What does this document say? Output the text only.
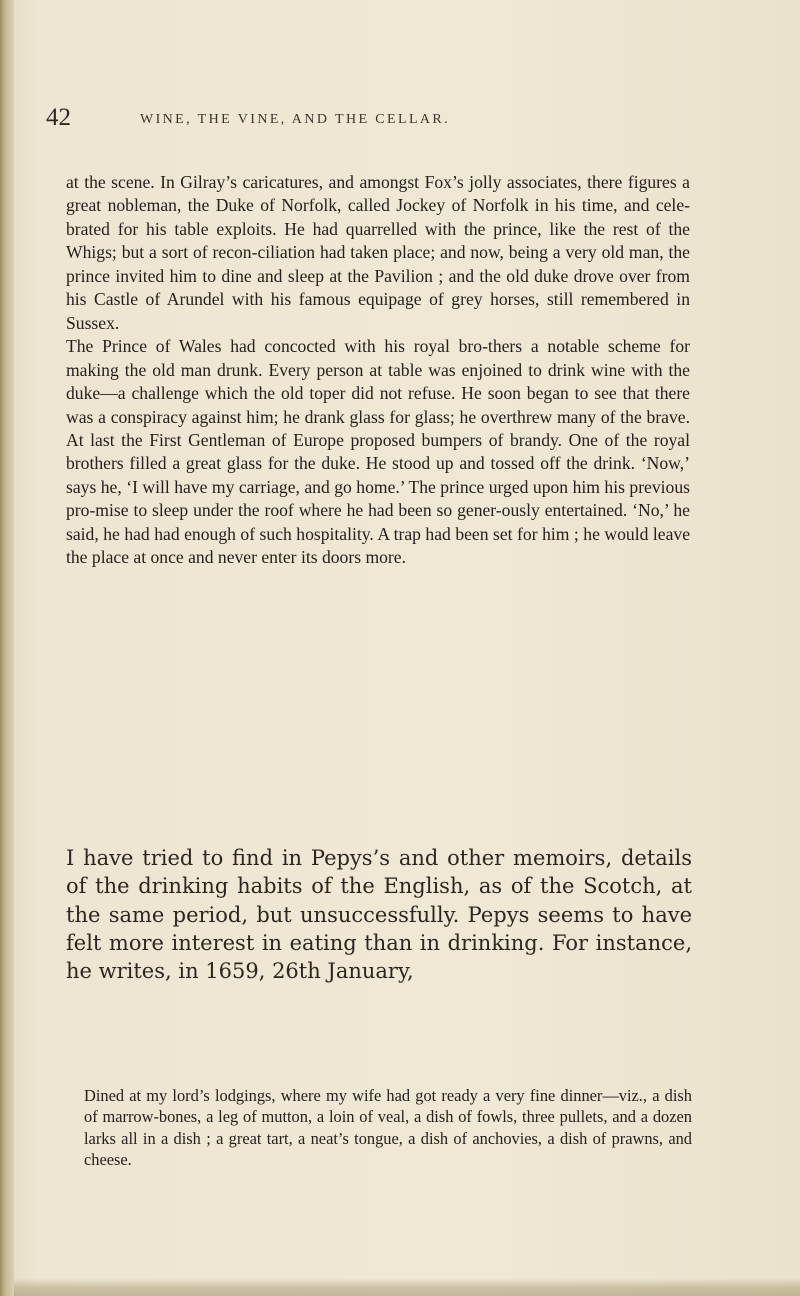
42	WINE, THE VINE, AND THE CELLAR.

at the scene. In Gilray’s caricatures, and amongst Fox’s jolly associates, there figures a great nobleman, the Duke of Norfolk, called Jockey of Norfolk in his time, and cele-brated for his table exploits. He had quarrelled with the prince, like the rest of the Whigs; but a sort of recon-ciliation had taken place; and now, being a very old man, the prince invited him to dine and sleep at the Pavilion ; and the old duke drove over from his Castle of Arundel with his famous equipage of grey horses, still remembered in Sussex.

The Prince of Wales had concocted with his royal bro-thers a notable scheme for making the old man drunk. Every person at table was enjoined to drink wine with the duke—a challenge which the old toper did not refuse. He soon began to see that there was a conspiracy against him; he drank glass for glass; he overthrew many of the brave. At last the First Gentleman of Europe proposed bumpers of brandy. One of the royal brothers filled a great glass for the duke. He stood up and tossed off the drink. ‘Now,’ says he, ‘I will have my carriage, and go home.’ The prince urged upon him his previous pro-mise to sleep under the roof where he had been so gener-ously entertained. ‘No,’ he said, he had had enough of such hospitality. A trap had been set for him ; he would leave the place at once and never enter its doors more.

I have tried to find in Pepys’s and other memoirs, details of the drinking habits of the English, as of the Scotch, at the same period, but unsuccessfully. Pepys seems to have felt more interest in eating than in drinking. For instance, he writes, in 1659, 26th January,

Dined at my lord’s lodgings, where my wife had got ready a very fine dinner—viz., a dish of marrow-bones, a leg of mutton, a loin of veal, a dish of fowls, three pullets, and a dozen larks all in a dish ; a great tart, a neat’s tongue, a dish of anchovies, a dish of prawns, and cheese.
